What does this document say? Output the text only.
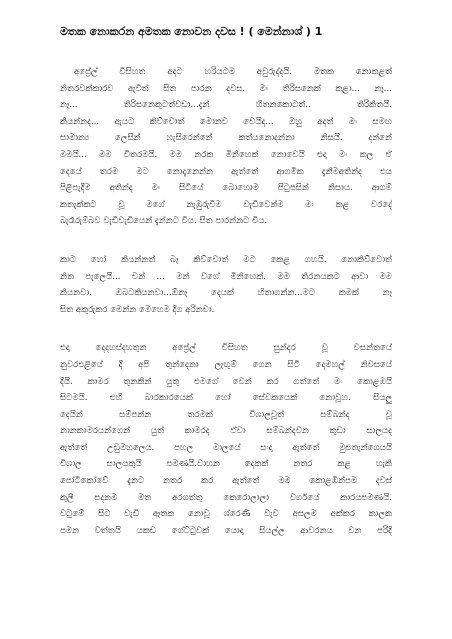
මතක නොකරන අමතක නොවන දවස ! ( මෙන්නාශ් ) 1
අප්‍රේල් විසිහත අදට හරියටම අවුරුද්දයි. මතක නොකළත්
නිතරවක්කාරව ඇවිත් සිත පාරන දවස. මං තිරිසනෙක් කළා... නෑ...
නෑ... තිරිසනෙකුටත්වඩා...දැන් හිතනකොටත්.. තිරිකිතයි.
කියන්නද... ඇයට කිව්වොත් මොනව වෙයිද... ඔහු අදත් මං සමඟ
සාමාන්‍ය ලෙසින් හැසිරෙන්නේ කත්යනොදන්නා නිසයි. දන්නේ
මමයි... මම විතරමයි. මම නරක මිනිහෙක් නොවෙයි එදා මං කල ඒ
දෙයේ තරම මට නොදැනෙන්න ඇත්තේ ආගමික දැනීමඅතින්ද එය
පිළිපැදීම අතින්ද මං සිටියේ බොහොම පිටුපසින් නිසාය. ආගම්
කතැක්කට වූ මගේ නැඹුරුවීම වැඩිවෙන්ම මං කළ වරදේ
බැරෑරුම්බව වැඩිවැඩියෙන් දැන්නට විය. සිත පාරන්නට විය.
කාට හෝ කියන්නත් බෑ කිව්වොත් මට කෙළ ගහයි. නොකිව්වොත්
නිත පැලෙයි... චන් ... මන් වගේ මිනිහෙක්. මම තිරනයකට ආවා මම
කියනවා. ඔබටකියනවා...ඕනෑ දෙයක් හිතාගන්න...මට කමක් නෑ
සිත අකුරුකර මෙන්න මෙහෙම දිග අරිනවා.
එදා දෙදහස්දහතුන අප්‍රේල් විසිහත සුන්දර වූ වසන්තයේ
නුවරඑළියේ දී අපි තුන්දෙනා ලැඟුම් ගෙන සිටි දෙමහල් නිවසයේ
දීයි. කාමර තුනකින් යුතු එමගේ වෙන් කර ගත්තේ මං කොළඹයි
සිටමයි. එහි බාරකාරයෙක් හෝ සේවකයෙක් නොවූහ. සියලු
දෙයින් සම්පන්න තරමක් විශාලවූත් සම්බන්ද වූ
නානකාමරයන්ගෙන් යුත් කාමරද ඒවා සම්බන්දවන කුඩා සාලයද
ඇත්තේ උඩුමහලෙය. පහල මාලයේ සංදා ඇත්තේ මුළුතැන්ගෙයයි
විශාල සාලයකුයි පමණයි.වාහන දෙකක් නතර කළ හැකි
පෝටිකෝවේ දැනට නතර කර ඇත්තේ මම කොළඹින්පම දවස්
කුලී පදනම මත අරගත්තු කෙරොලාලා වර්ගයේ කාරයපමණයි.
වටුමේ සිට වැඩි ඈතක නොවූ ශ්රෙණි වැව අසලම අක්කර කාලක
පමන වත්තයි යකඩ ගේට්ටුවක් යොදා සියල්ල ආවරනය වන පරිදි
